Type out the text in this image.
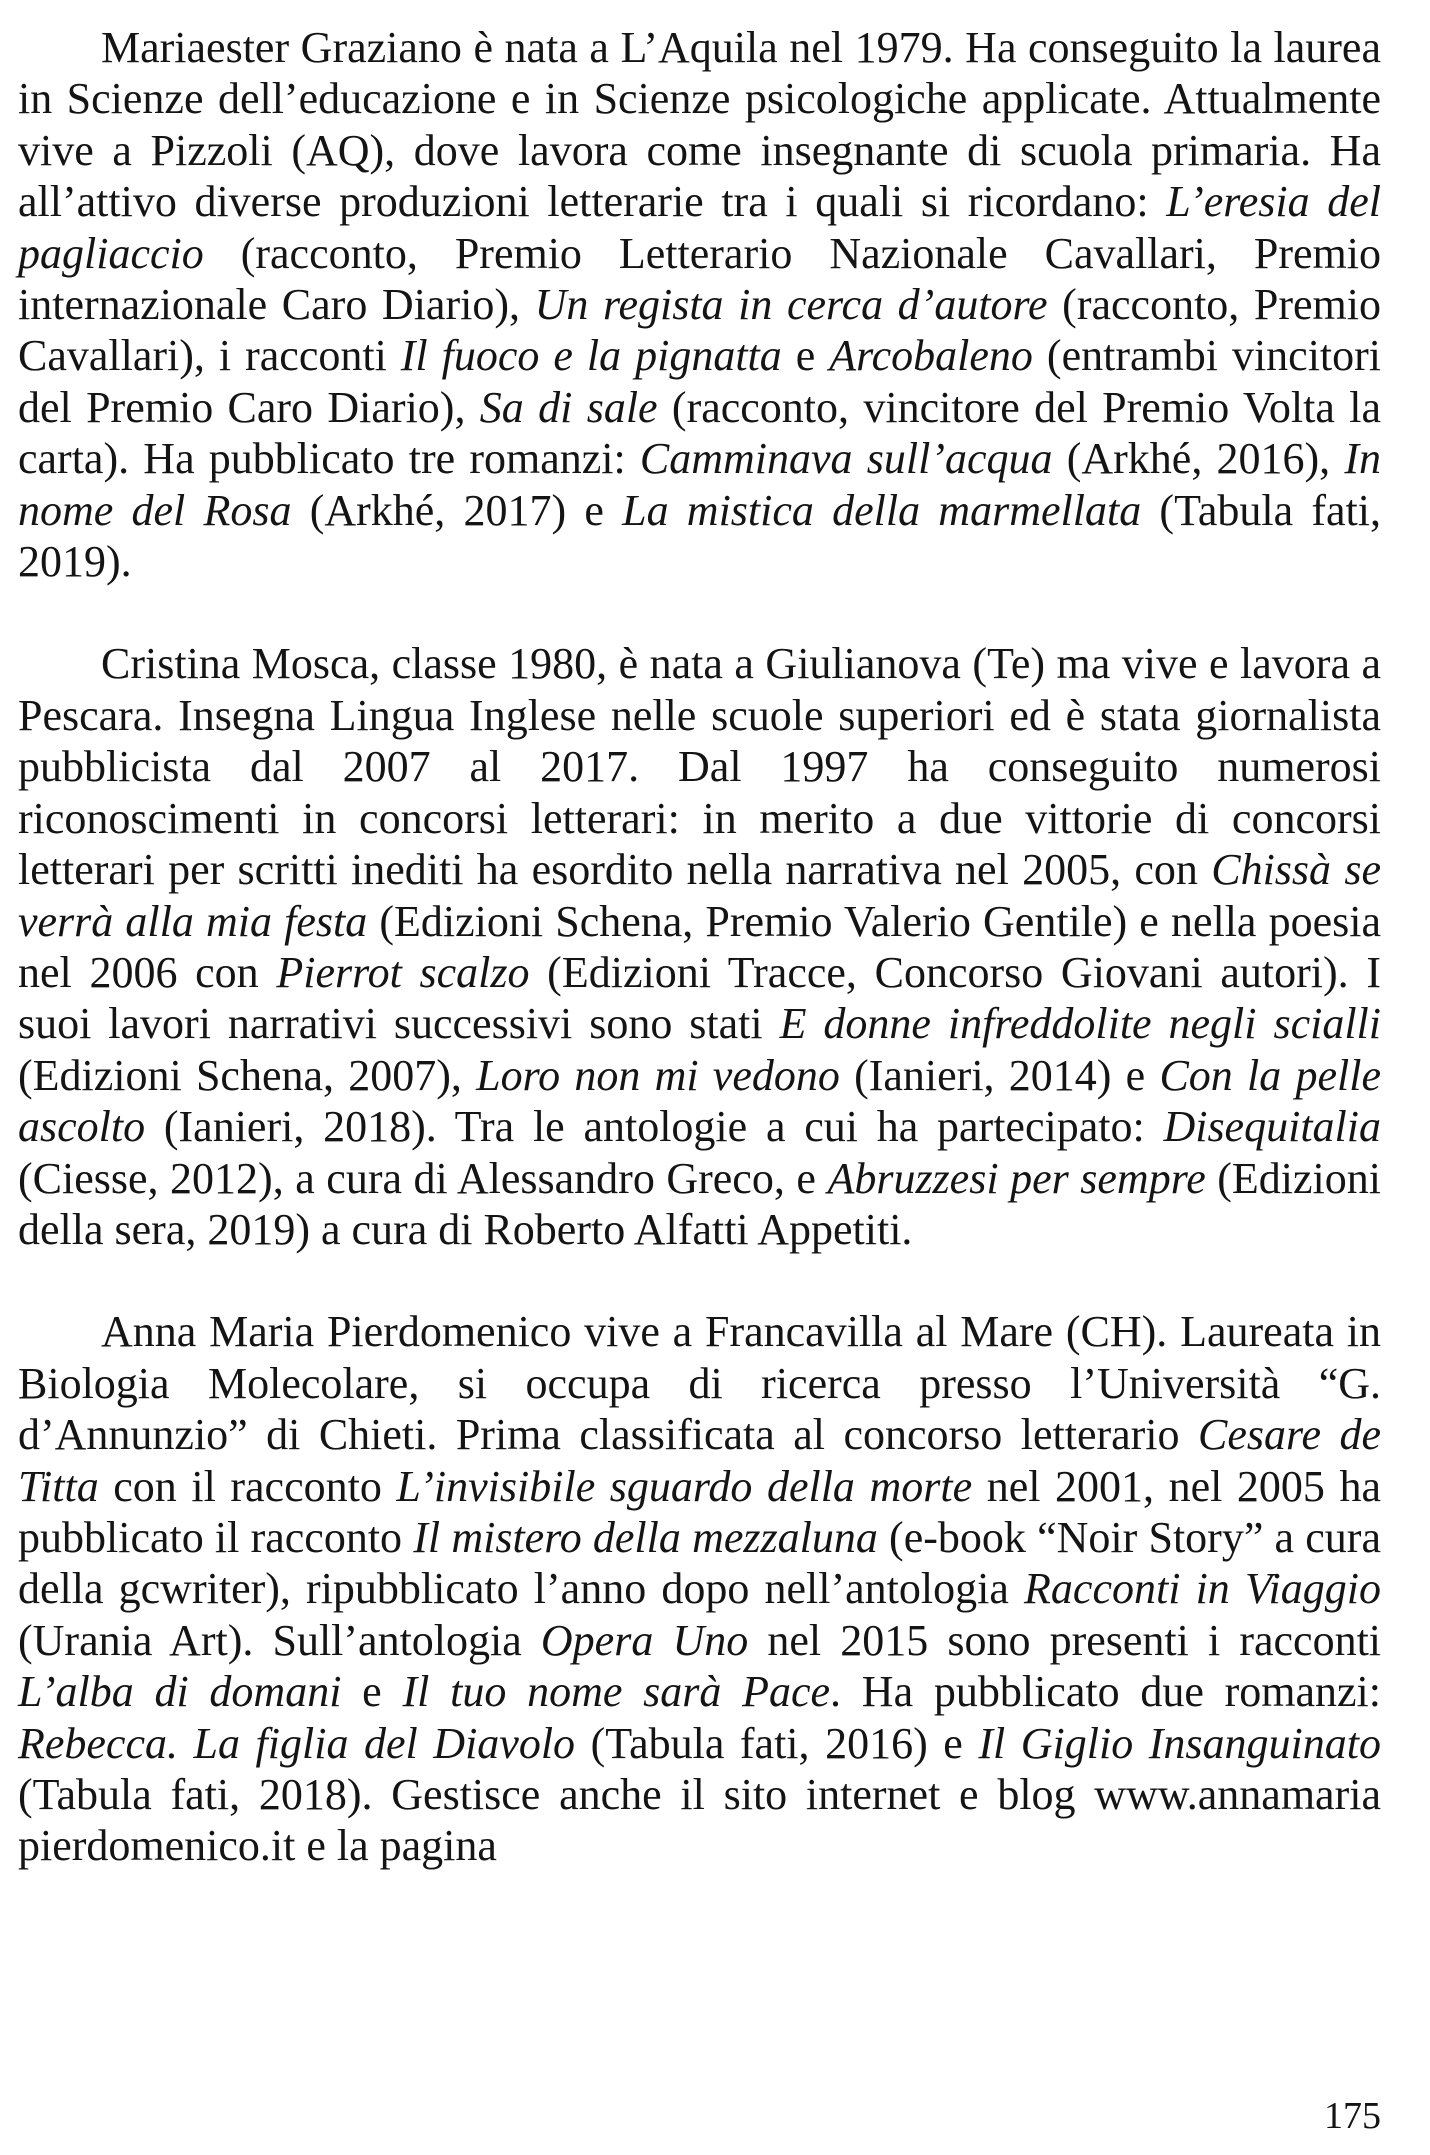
Mariaester Graziano è nata a L’Aquila nel 1979. Ha conseguito la laurea in Scienze dell’educazione e in Scienze psicologiche applicate. Attualmente vive a Pizzoli (AQ), dove lavora come insegnante di scuola primaria. Ha all’attivo diverse produzioni letterarie tra i quali si ricordano: L’eresia del pagliaccio (racconto, Premio Letterario Nazionale Cavallari, Premio internazionale Caro Diario), Un regista in cerca d’autore (racconto, Premio Cavallari), i racconti Il fuoco e la pignatta e Arcobaleno (entrambi vincitori del Premio Caro Diario), Sa di sale (racconto, vincitore del Premio Volta la carta). Ha pubblicato tre romanzi: Camminava sull’acqua (Arkhé, 2016), In nome del Rosa (Arkhé, 2017) e La mistica della marmellata (Tabula fati, 2019).

Cristina Mosca, classe 1980, è nata a Giulianova (Te) ma vive e lavora a Pescara. Insegna Lingua Inglese nelle scuole superiori ed è stata giornalista pubblicista dal 2007 al 2017. Dal 1997 ha conseguito numerosi riconoscimenti in concorsi letterari: in merito a due vittorie di concorsi letterari per scritti inediti ha esordito nella narrativa nel 2005, con Chissà se verrà alla mia festa (Edizioni Schena, Premio Valerio Gentile) e nella poesia nel 2006 con Pierrot scalzo (Edizioni Tracce, Concorso Giovani autori). I suoi lavori narrativi successivi sono stati E donne infreddolite negli scialli (Edizioni Schena, 2007), Loro non mi vedono (Ianieri, 2014) e Con la pelle ascolto (Ianieri, 2018). Tra le antologie a cui ha partecipato: Disequitalia (Ciesse, 2012), a cura di Alessandro Greco, e Abruzzesi per sempre (Edizioni della sera, 2019) a cura di Roberto Alfatti Appetiti.

Anna Maria Pierdomenico vive a Francavilla al Mare (CH). Laureata in Biologia Molecolare, si occupa di ricerca presso l’Università “G. d’Annunzio” di Chieti. Prima classificata al concorso letterario Cesare de Titta con il racconto L’invisibile sguardo della morte nel 2001, nel 2005 ha pubblicato il racconto Il mistero della mezzaluna (e-book “Noir Story” a cura della gcwriter), ripubblicato l’anno dopo nell’antologia Racconti in Viaggio (Urania Art). Sull’antologia Opera Uno nel 2015 sono presenti i racconti L’alba di domani e Il tuo nome sarà Pace. Ha pubblicato due romanzi: Rebecca. La figlia del Diavolo (Tabula fati, 2016) e Il Giglio Insanguinato (Tabula fati, 2018). Gestisce anche il sito internet e blog www.annamaria pierdomenico.it e la pagina

175
